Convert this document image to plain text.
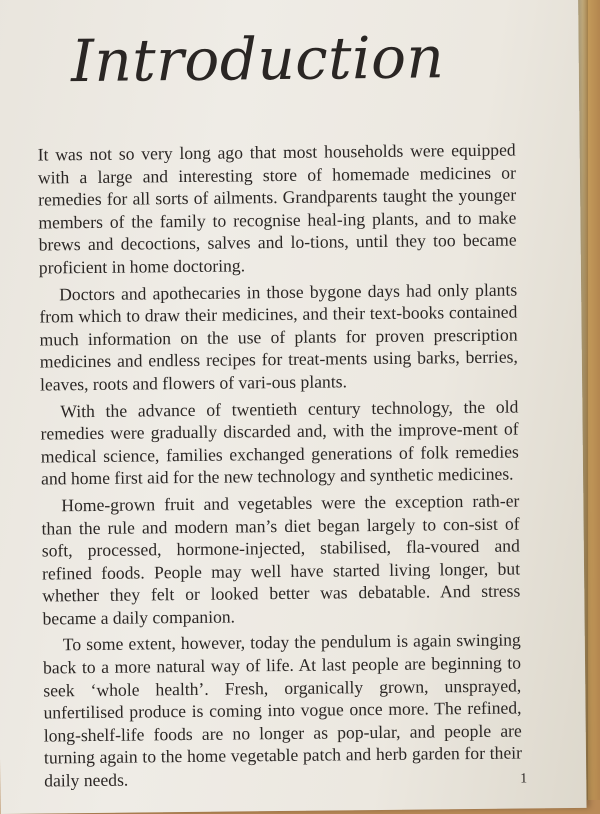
Introduction

It was not so very long ago that most households were equipped with a large and interesting store of homemade medicines or remedies for all sorts of ailments. Grandparents taught the younger members of the family to recognise heal-ing plants, and to make brews and decoctions, salves and lo-tions, until they too became proficient in home doctoring.

Doctors and apothecaries in those bygone days had only plants from which to draw their medicines, and their text-books contained much information on the use of plants for proven prescription medicines and endless recipes for treat-ments using barks, berries, leaves, roots and flowers of vari-ous plants.

With the advance of twentieth century technology, the old remedies were gradually discarded and, with the improve-ment of medical science, families exchanged generations of folk remedies and home first aid for the new technology and synthetic medicines.

Home-grown fruit and vegetables were the exception rath-er than the rule and modern man’s diet began largely to con-sist of soft, processed, hormone-injected, stabilised, fla-voured and refined foods. People may well have started living longer, but whether they felt or looked better was debatable. And stress became a daily companion.

To some extent, however, today the pendulum is again swinging back to a more natural way of life. At last people are beginning to seek ‘whole health’. Fresh, organically grown, unsprayed, unfertilised produce is coming into vogue once more. The refined, long-shelf-life foods are no longer as pop-ular, and people are turning again to the home vegetable patch and herb garden for their daily needs.	1
